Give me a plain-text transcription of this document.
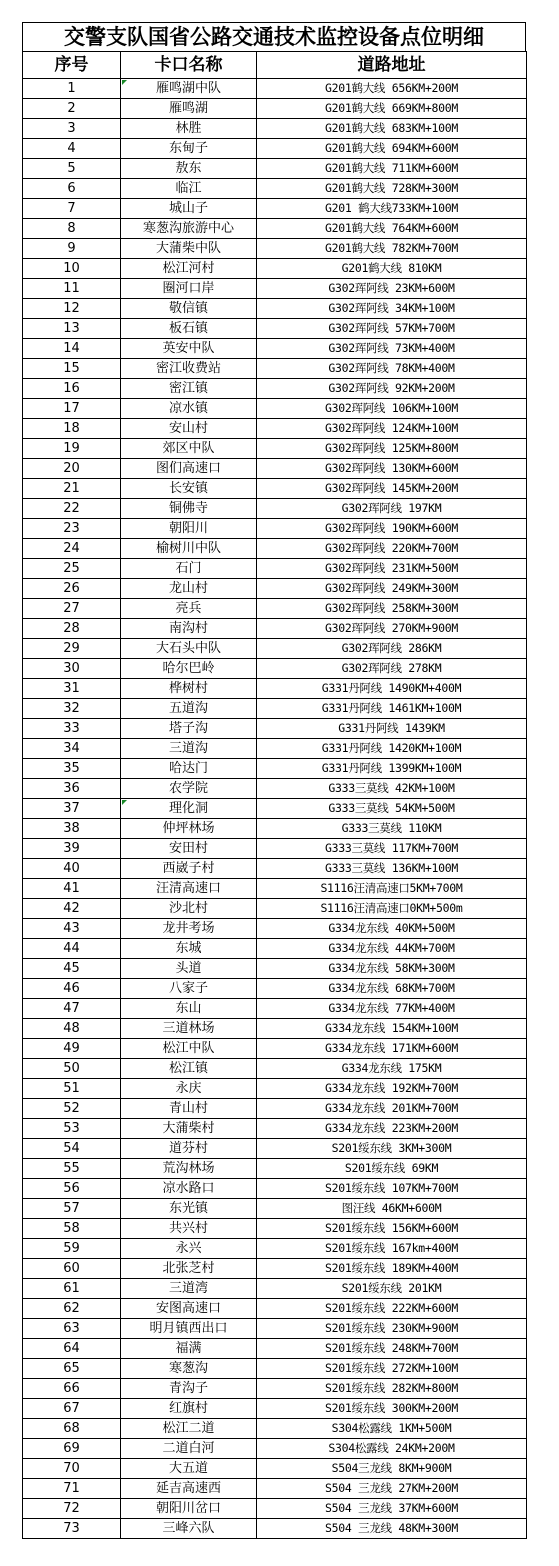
交警支队国省公路交通技术监控设备点位明细
序号	卡口名称	道路地址
1	雁鸣湖中队	G201鹤大线 656KM+200M
2	雁鸣湖	G201鹤大线 669KM+800M
3	林胜	G201鹤大线 683KM+100M
4	东甸子	G201鹤大线 694KM+600M
5	敖东	G201鹤大线 711KM+600M
6	临江	G201鹤大线 728KM+300M
7	城山子	G201 鹤大线733KM+100M
8	寒葱沟旅游中心	G201鹤大线 764KM+600M
9	大蒲柴中队	G201鹤大线 782KM+700M
10	松江河村	G201鹤大线 810KM
11	圈河口岸	G302珲阿线 23KM+600M
12	敬信镇	G302珲阿线 34KM+100M
13	板石镇	G302珲阿线 57KM+700M
14	英安中队	G302珲阿线 73KM+400M
15	密江收费站	G302珲阿线 78KM+400M
16	密江镇	G302珲阿线 92KM+200M
17	凉水镇	G302珲阿线 106KM+100M
18	安山村	G302珲阿线 124KM+100M
19	郊区中队	G302珲阿线 125KM+800M
20	图们高速口	G302珲阿线 130KM+600M
21	长安镇	G302珲阿线 145KM+200M
22	铜佛寺	G302珲阿线 197KM
23	朝阳川	G302珲阿线 190KM+600M
24	榆树川中队	G302珲阿线 220KM+700M
25	石门	G302珲阿线 231KM+500M
26	龙山村	G302珲阿线 249KM+300M
27	亮兵	G302珲阿线 258KM+300M
28	南沟村	G302珲阿线 270KM+900M
29	大石头中队	G302珲阿线 286KM
30	哈尔巴岭	G302珲阿线 278KM
31	桦树村	G331丹阿线 1490KM+400M
32	五道沟	G331丹阿线 1461KM+100M
33	塔子沟	G331丹阿线 1439KM
34	三道沟	G331丹阿线 1420KM+100M
35	哈达门	G331丹阿线 1399KM+100M
36	农学院	G333三莫线 42KM+100M
37	理化洞	G333三莫线 54KM+500M
38	仲坪林场	G333三莫线 110KM
39	安田村	G333三莫线 117KM+700M
40	西崴子村	G333三莫线 136KM+100M
41	汪清高速口	S1116汪清高速口5KM+700M
42	沙北村	S1116汪清高速口0KM+500m
43	龙井考场	G334龙东线 40KM+500M
44	东城	G334龙东线 44KM+700M
45	头道	G334龙东线 58KM+300M
46	八家子	G334龙东线 68KM+700M
47	东山	G334龙东线 77KM+400M
48	三道林场	G334龙东线 154KM+100M
49	松江中队	G334龙东线 171KM+600M
50	松江镇	G334龙东线 175KM
51	永庆	G334龙东线 192KM+700M
52	青山村	G334龙东线 201KM+700M
53	大蒲柴村	G334龙东线 223KM+200M
54	道芬村	S201绥东线 3KM+300M
55	荒沟林场	S201绥东线 69KM
56	凉水路口	S201绥东线 107KM+700M
57	东光镇	图汪线 46KM+600M
58	共兴村	S201绥东线 156KM+600M
59	永兴	S201绥东线 167km+400M
60	北张芝村	S201绥东线 189KM+400M
61	三道湾	S201绥东线 201KM
62	安图高速口	S201绥东线 222KM+600M
63	明月镇西出口	S201绥东线 230KM+900M
64	福满	S201绥东线 248KM+700M
65	寒葱沟	S201绥东线 272KM+100M
66	青沟子	S201绥东线 282KM+800M
67	红旗村	S201绥东线 300KM+200M
68	松江二道	S304松露线 1KM+500M
69	二道白河	S304松露线 24KM+200M
70	大五道	S504三龙线 8KM+900M
71	延吉高速西	S504 三龙线 27KM+200M
72	朝阳川岔口	S504 三龙线 37KM+600M
73	三峰六队	S504 三龙线 48KM+300M
